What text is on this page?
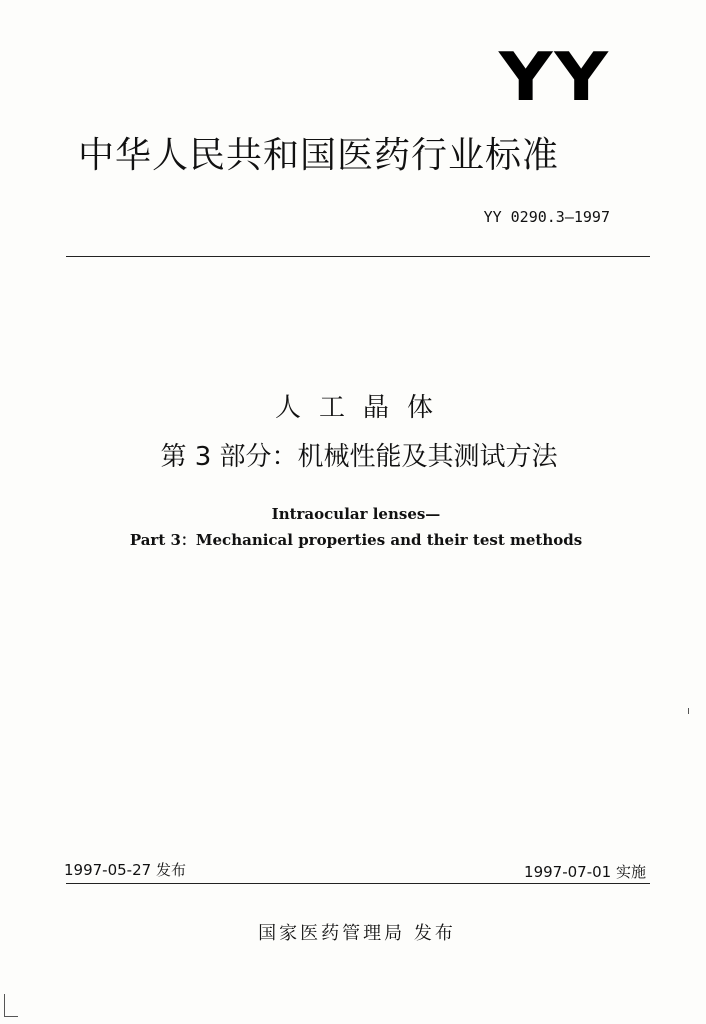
YY
中华人民共和国医药行业标准
YY 0290.3—1997
人工晶体
第 3 部分：机械性能及其测试方法
Intraocular lenses—
Part 3：Mechanical properties and their test methods
1997-05-27 发布	1997-07-01 实施
国家医药管理局 发布
